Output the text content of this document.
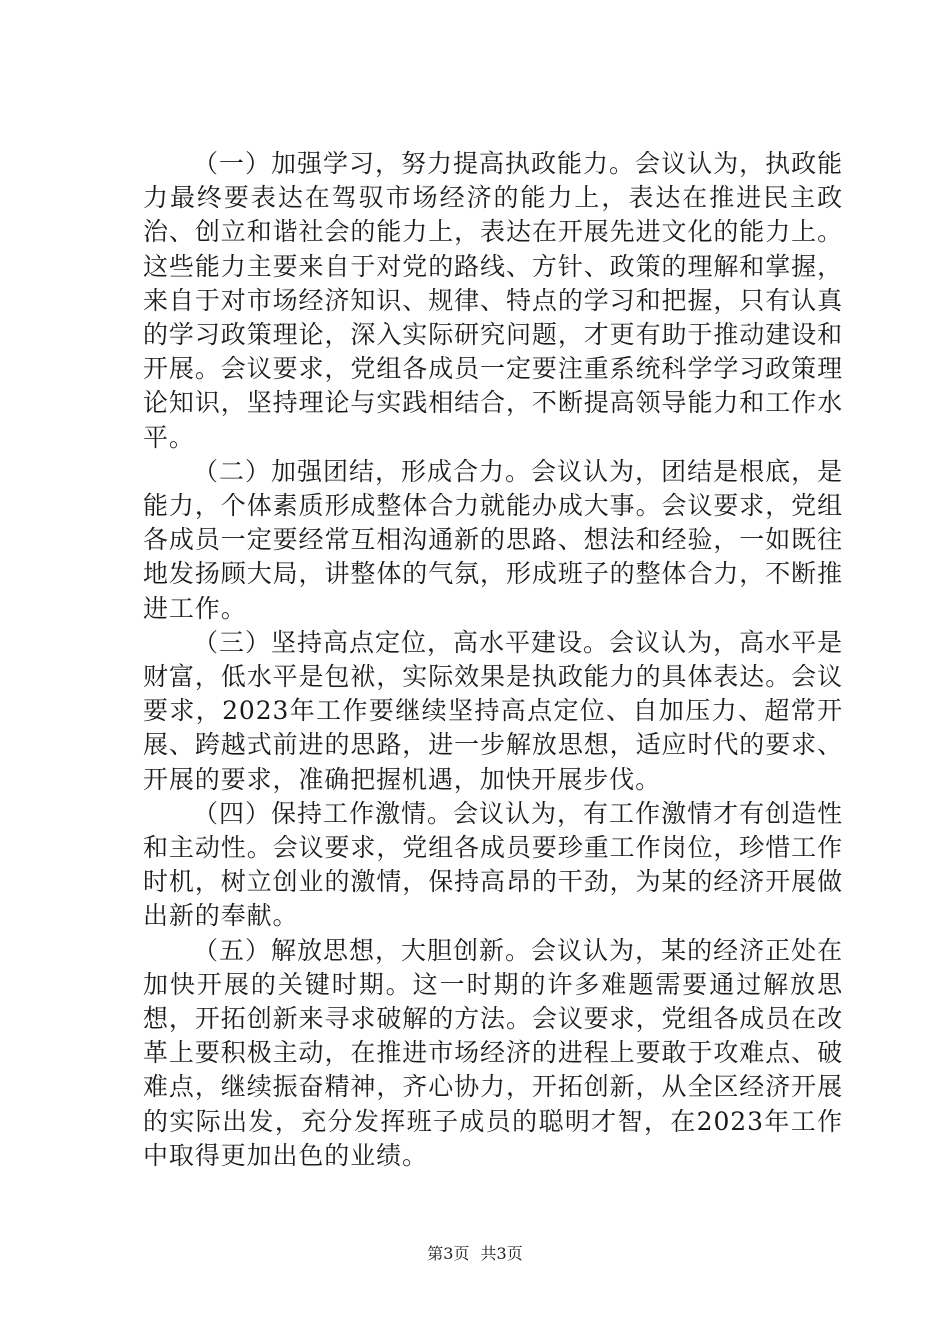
（一）加强学习，努力提高执政能力。会议认为，执政能力最终要表达在驾驭市场经济的能力上，表达在推进民主政治、创立和谐社会的能力上，表达在开展先进文化的能力上。这些能力主要来自于对党的路线、方针、政策的理解和掌握，来自于对市场经济知识、规律、特点的学习和把握，只有认真的学习政策理论，深入实际研究问题，才更有助于推动建设和开展。会议要求，党组各成员一定要注重系统科学学习政策理论知识，坚持理论与实践相结合，不断提高领导能力和工作水平。

（二）加强团结，形成合力。会议认为，团结是根底，是能力，个体素质形成整体合力就能办成大事。会议要求，党组各成员一定要经常互相沟通新的思路、想法和经验，一如既往地发扬顾大局，讲整体的气氛，形成班子的整体合力，不断推进工作。

（三）坚持高点定位，高水平建设。会议认为，高水平是财富，低水平是包袱，实际效果是执政能力的具体表达。会议要求，2023年工作要继续坚持高点定位、自加压力、超常开展、跨越式前进的思路，进一步解放思想，适应时代的要求、开展的要求，准确把握机遇，加快开展步伐。

（四）保持工作激情。会议认为，有工作激情才有创造性和主动性。会议要求，党组各成员要珍重工作岗位，珍惜工作时机，树立创业的激情，保持高昂的干劲，为某的经济开展做出新的奉献。

（五）解放思想，大胆创新。会议认为，某的经济正处在加快开展的关键时期。这一时期的许多难题需要通过解放思想，开拓创新来寻求破解的方法。会议要求，党组各成员在改革上要积极主动，在推进市场经济的进程上要敢于攻难点、破难点，继续振奋精神，齐心协力，开拓创新，从全区经济开展的实际出发，充分发挥班子成员的聪明才智，在2023年工作中取得更加出色的业绩。

第3页 共3页
